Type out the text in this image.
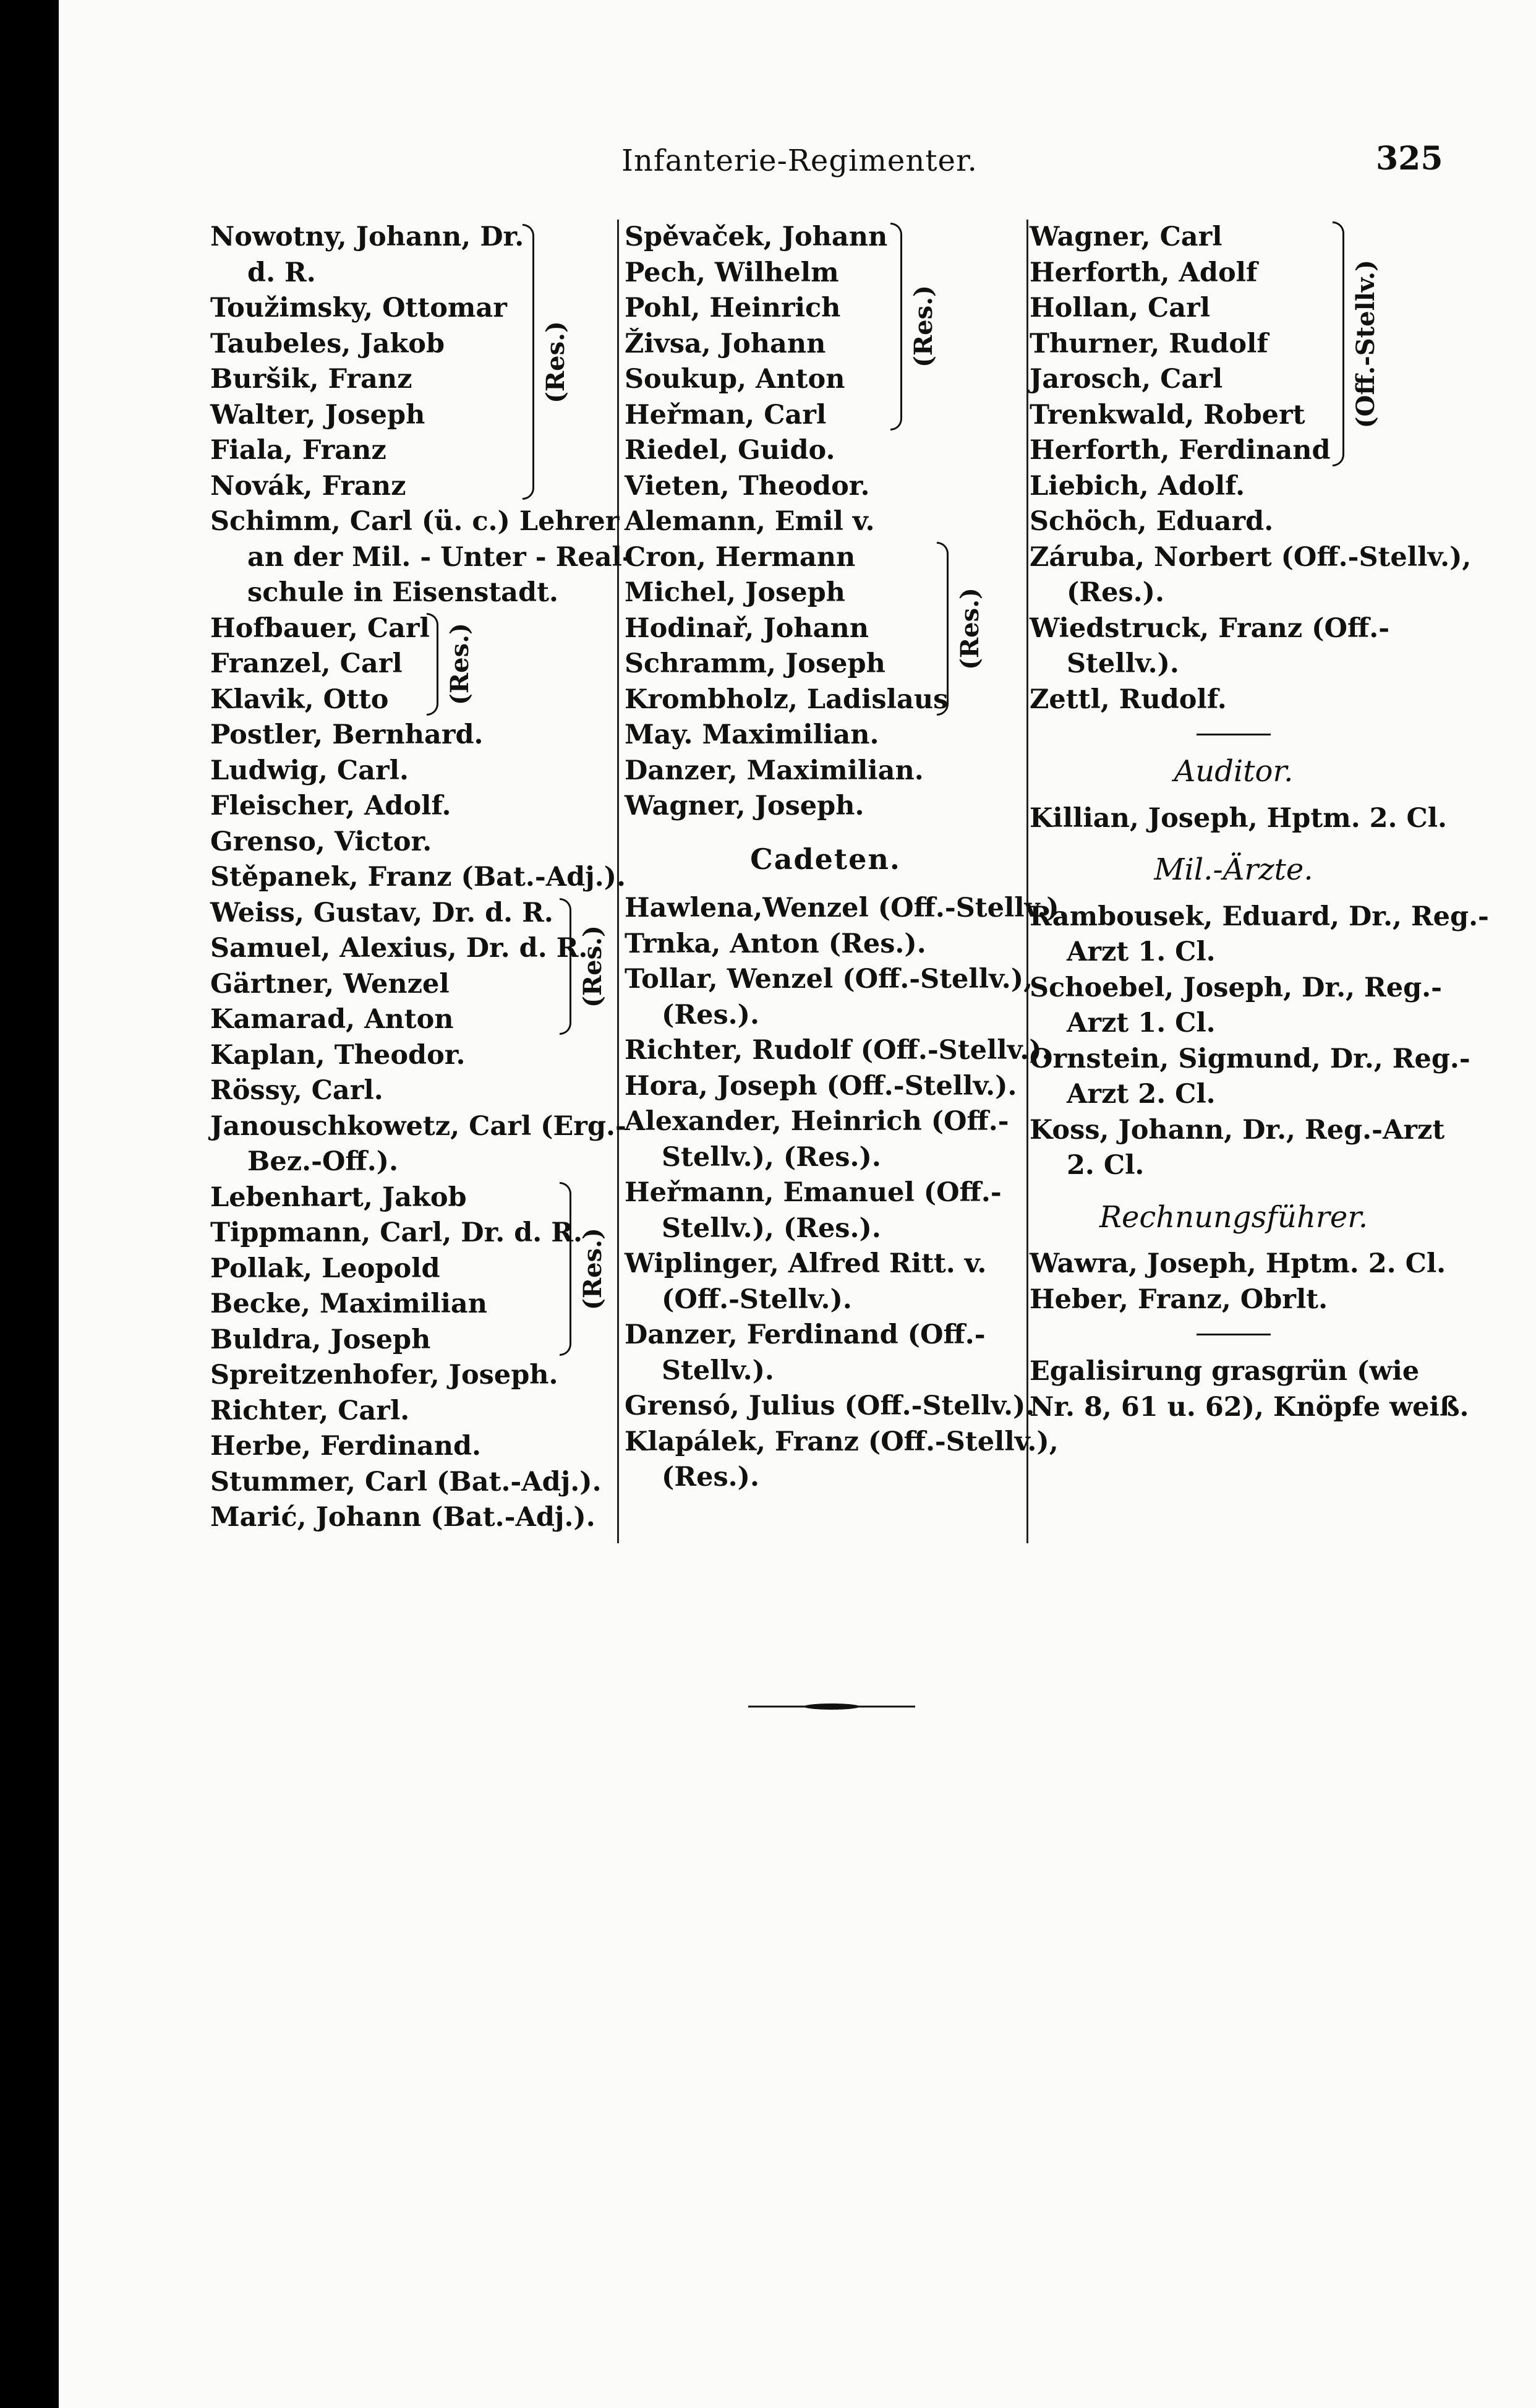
Infanterie-Regimenter.	325
Nowotny, Johann, Dr.
d. R.
Toužimsky, Ottomar
Taubeles, Jakob
Buršik, Franz
Walter, Joseph
Fiala, Franz
Novák, Franz
(Res.)
Schimm, Carl (ü. c.) Lehrer
an der Mil. - Unter - Real-
schule in Eisenstadt.
Hofbauer, Carl
Franzel, Carl
Klavik, Otto	(Res.)
Postler, Bernhard.
Ludwig, Carl.
Fleischer, Adolf.
Grenso, Victor.
Stěpanek, Franz (Bat.-Adj.).
Weiss, Gustav, Dr. d. R.
Samuel, Alexius, Dr. d. R.
Gärtner, Wenzel
Kamarad, Anton
(Res.)
Kaplan, Theodor.
Rössy, Carl.
Janouschkowetz, Carl (Erg.-
Bez.-Off.).
Lebenhart, Jakob
Tippmann, Carl, Dr. d. R.
Pollak, Leopold
Becke, Maximilian
Buldra, Joseph
(Res.)
Spreitzenhofer, Joseph.
Richter, Carl.
Herbe, Ferdinand.
Stummer, Carl (Bat.-Adj.).
Marić, Johann (Bat.-Adj.).
Spěvaček, Johann
Pech, Wilhelm
Pohl, Heinrich
Živsa, Johann
Soukup, Anton
Heřman, Carl
(Res.)
Riedel, Guido.
Vieten, Theodor.
Alemann, Emil v.
Cron, Hermann
Michel, Joseph
Hodinař, Johann
Schramm, Joseph
Krombholz, Ladislaus
(Res.)
May. Maximilian.
Danzer, Maximilian.
Wagner, Joseph.
Cadeten.
Hawlena,Wenzel (Off.-Stellv.).
Trnka, Anton (Res.).
Tollar, Wenzel (Off.-Stellv.),
(Res.).
Richter, Rudolf (Off.-Stellv.).
Hora, Joseph (Off.-Stellv.).
Alexander, Heinrich (Off.-
Stellv.), (Res.).
Heřmann, Emanuel (Off.-
Stellv.), (Res.).
Wiplinger, Alfred Ritt. v.
(Off.-Stellv.).
Danzer, Ferdinand (Off.-
Stellv.).
Grensó, Julius (Off.-Stellv.).
Klapálek, Franz (Off.-Stellv.),
(Res.).
Wagner, Carl
Herforth, Adolf
Hollan, Carl
Thurner, Rudolf
Jarosch, Carl
Trenkwald, Robert
Herforth, Ferdinand
(Off.-Stellv.)
Liebich, Adolf.
Schöch, Eduard.
Záruba, Norbert (Off.-Stellv.),
(Res.).
Wiedstruck, Franz (Off.-
Stellv.).
Zettl, Rudolf.
Auditor.
Killian, Joseph, Hptm. 2. Cl.
Mil.-Ärzte.
Rambousek, Eduard, Dr., Reg.-
Arzt 1. Cl.
Schoebel, Joseph, Dr., Reg.-
Arzt 1. Cl.
Ornstein, Sigmund, Dr., Reg.-
Arzt 2. Cl.
Koss, Johann, Dr., Reg.-Arzt
2. Cl.
Rechnungsführer.
Wawra, Joseph, Hptm. 2. Cl.
Heber, Franz, Obrlt.
Egalisirung grasgrün (wie
Nr. 8, 61 u. 62), Knöpfe weiß.
